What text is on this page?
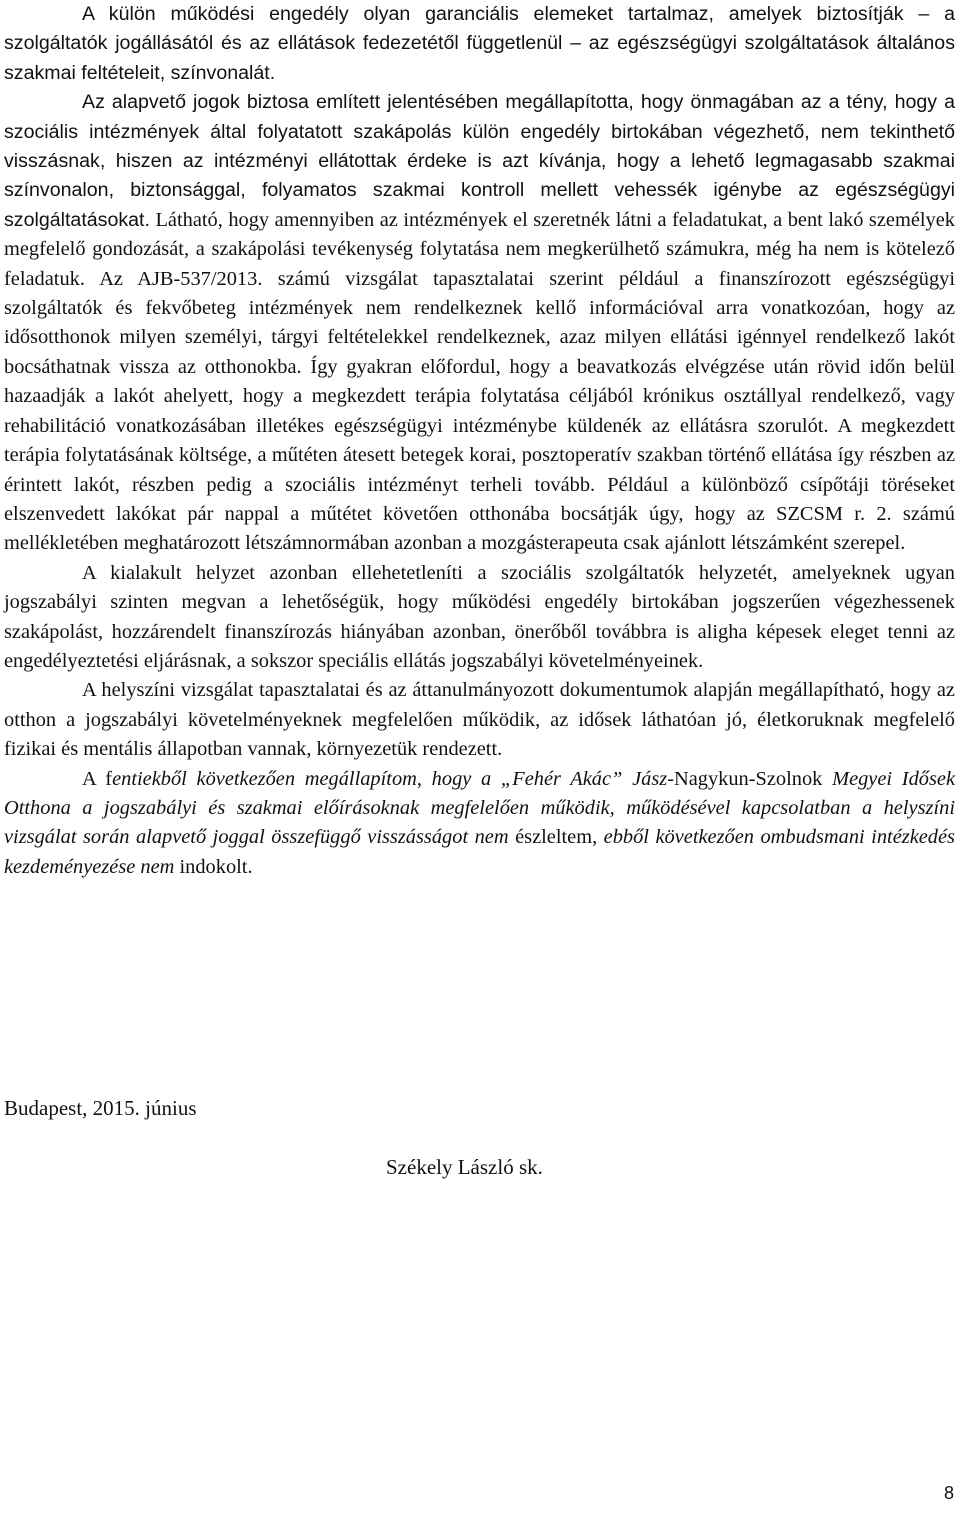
A külön működési engedély olyan garanciális elemeket tartalmaz, amelyek biztosítják – a szolgáltatók jogállásától és az ellátások fedezetétől függetlenül – az egészségügyi szolgáltatások általános szakmai feltételeit, színvonalát.

Az alapvető jogok biztosa említett jelentésében megállapította, hogy önmagában az a tény, hogy a szociális intézmények által folyatatott szakápolás külön engedély birtokában végezhető, nem tekinthető visszásnak, hiszen az intézményi ellátottak érdeke is azt kívánja, hogy a lehető legmagasabb szakmai színvonalon, biztonsággal, folyamatos szakmai kontroll mellett vehessék igénybe az egészségügyi szolgáltatásokat. Látható, hogy amennyiben az intézmények el szeretnék látni a feladatukat, a bent lakó személyek megfelelő gondozását, a szakápolási tevékenység folytatása nem megkerülhető számukra, még ha nem is kötelező feladatuk. Az AJB-537/2013. számú vizsgálat tapasztalatai szerint például a finanszírozott egészségügyi szolgáltatók és fekvőbeteg intézmények nem rendelkeznek kellő információval arra vonatkozóan, hogy az idősotthonok milyen személyi, tárgyi feltételekkel rendelkeznek, azaz milyen ellátási igénnyel rendelkező lakót bocsáthatnak vissza az otthonokba. Így gyakran előfordul, hogy a beavatkozás elvégzése után rövid időn belül hazaadják a lakót ahelyett, hogy a megkezdett terápia folytatása céljából krónikus osztállyal rendelkező, vagy rehabilitáció vonatkozásában illetékes egészségügyi intézménybe küldenék az ellátásra szorulót. A megkezdett terápia folytatásának költsége, a műtéten átesett betegek korai, posztoperatív szakban történő ellátása így részben az érintett lakót, részben pedig a szociális intézményt terheli tovább. Például a különböző csípőtáji töréseket elszenvedett lakókat pár nappal a műtétet követően otthonába bocsátják úgy, hogy az SZCSM r. 2. számú mellékletében meghatározott létszámnormában azonban a mozgásterapeuta csak ajánlott létszámként szerepel.

A kialakult helyzet azonban ellehetetleníti a szociális szolgáltatók helyzetét, amelyeknek ugyan jogszabályi szinten megvan a lehetőségük, hogy működési engedély birtokában jogszerűen végezhessenek szakápolást, hozzárendelt finanszírozás hiányában azonban, önerőből továbbra is aligha képesek eleget tenni az engedélyeztetési eljárásnak, a sokszor speciális ellátás jogszabályi követelményeinek.

A helyszíni vizsgálat tapasztalatai és az áttanulmányozott dokumentumok alapján megállapítható, hogy az otthon a jogszabályi követelményeknek megfelelően működik, az idősek láthatóan jó, életkoruknak megfelelő fizikai és mentális állapotban vannak, környezetük rendezett.

A fentiekből következően megállapítom, hogy a „Fehér Akác” Jász-Nagykun-Szolnok Megyei Idősek Otthona a jogszabályi és szakmai előírásoknak megfelelően működik, működésével kapcsolatban a helyszíni vizsgálat során alapvető joggal összefüggő visszásságot nem észleltem, ebből következően ombudsmani intézkedés kezdeményezése nem indokolt.

Budapest, 2015. június
Székely László sk.
8
